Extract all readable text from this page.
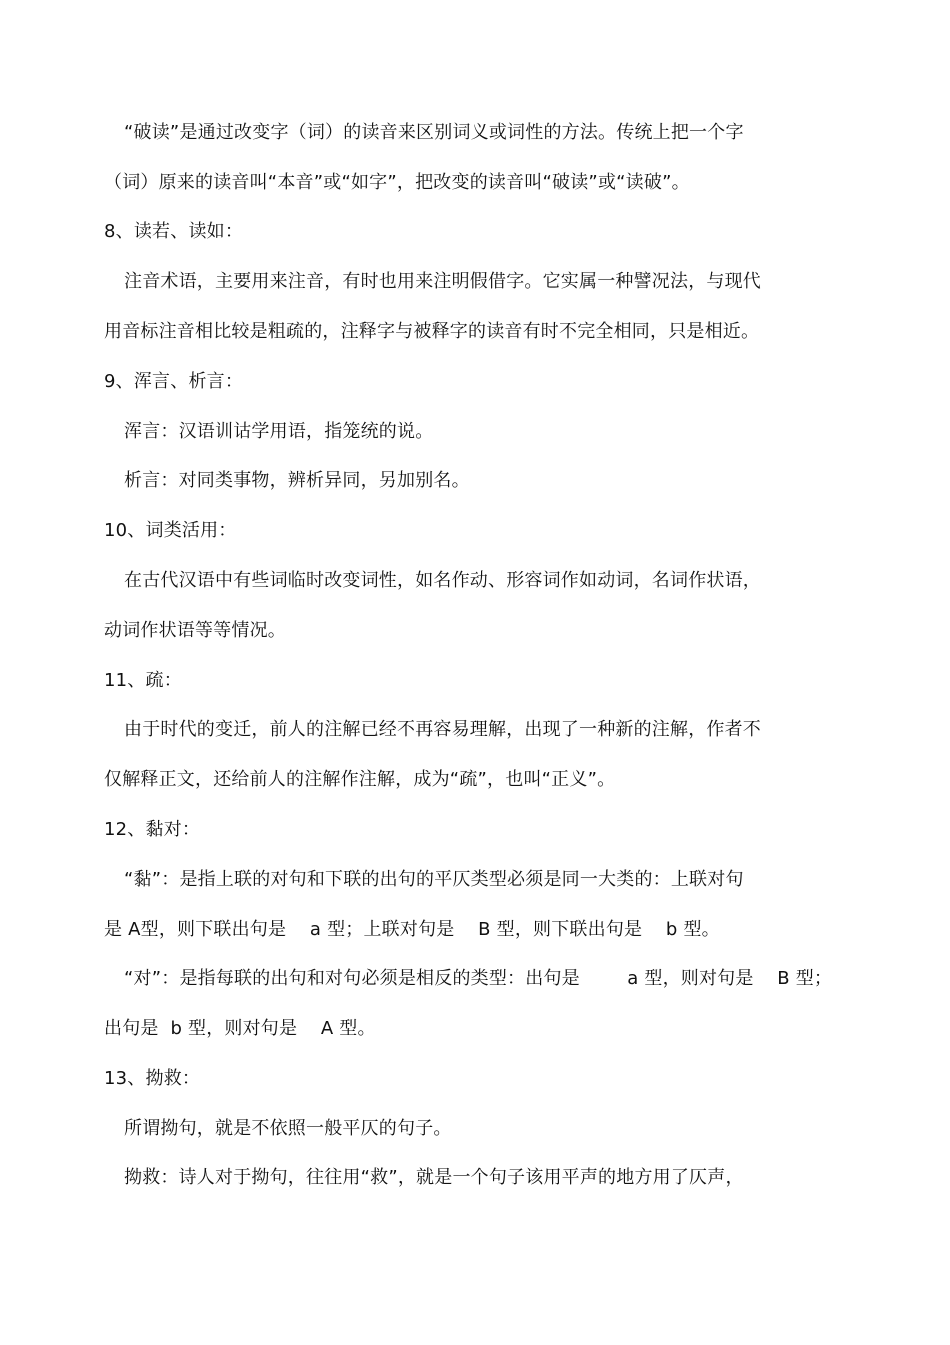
“破读”是通过改变字（词）的读音来区别词义或词性的方法。传统上把一个字
（词）原来的读音叫“本音”或“如字”，把改变的读音叫“破读”或“读破”。
8、读若、读如：
注音术语，主要用来注音，有时也用来注明假借字。它实属一种譬况法，与现代
用音标注音相比较是粗疏的，注释字与被释字的读音有时不完全相同，只是相近。
9、浑言、析言：
浑言：汉语训诂学用语，指笼统的说。
析言：对同类事物，辨析异同，另加别名。
10、词类活用：
在古代汉语中有些词临时改变词性，如名作动、形容词作如动词，名词作状语，
动词作状语等等情况。
11、疏：
由于时代的变迁，前人的注解已经不再容易理解，出现了一种新的注解，作者不
仅解释正文，还给前人的注解作注解，成为“疏”，也叫“正义”。
12、黏对：
“黏”：是指上联的对句和下联的出句的平仄类型必须是同一大类的：上联对句
是 A型，则下联出句是    a 型；上联对句是    B 型，则下联出句是    b 型。
“对”：是指每联的出句和对句必须是相反的类型：出句是        a 型，则对句是    B 型；
出句是  b 型，则对句是    A 型。
13、拗救：
所谓拗句，就是不依照一般平仄的句子。
拗救：诗人对于拗句，往往用“救”，就是一个句子该用平声的地方用了仄声，
